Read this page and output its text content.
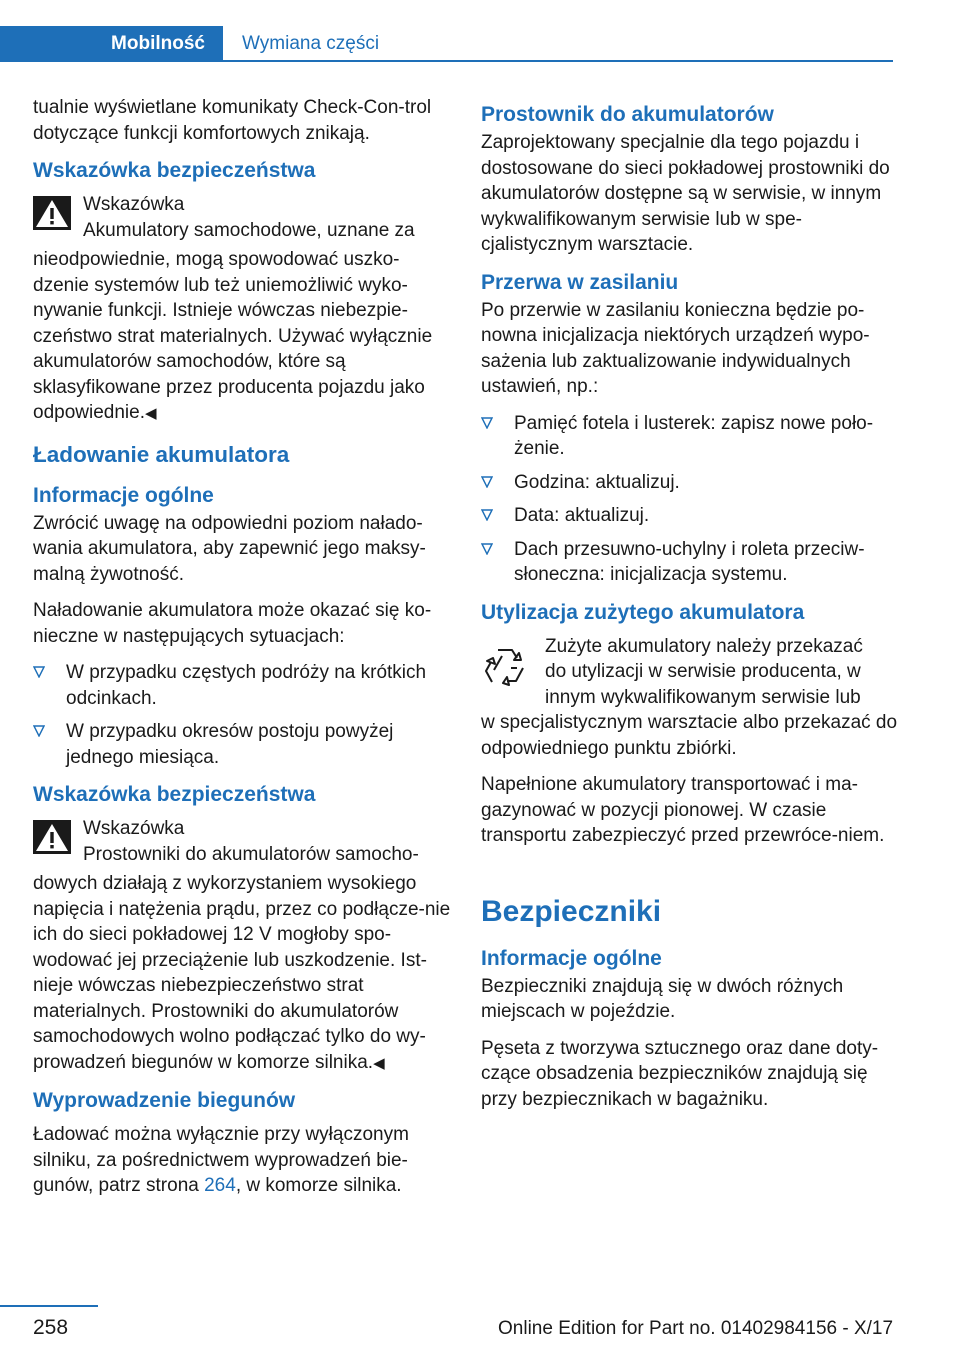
Mobilność Wymiana części

tualnie wyświetlane komunikaty Check-Con-trol dotyczące funkcji komfortowych znikają.

Wskazówka bezpieczeństwa

Wskazówka

Akumulatory samochodowe, uznane za

nieodpowiednie, mogą spowodować uszko-dzenie systemów lub też uniemożliwić wyko-nywanie funkcji. Istnieje wówczas niebezpie-czeństwo strat materialnych. Używać wyłącznie akumulatorów samochodów, które są sklasyfikowane przez producenta pojazdu jako odpowiednie.◀

Ładowanie akumulatora
Informacje ogólne

Zwrócić uwagę na odpowiedni poziom nałado-wania akumulatora, aby zapewnić jego maksy-malną żywotność.

Naładowanie akumulatora może okazać się ko-nieczne w następujących sytuacjach:

W przypadku częstych podróży na krótkich odcinkach.
W przypadku okresów postoju powyżej jednego miesiąca.
Wskazówka bezpieczeństwa

Wskazówka

Prostowniki do akumulatorów samocho-

dowych działają z wykorzystaniem wysokiego napięcia i natężenia prądu, przez co podłącze-nie ich do sieci pokładowej 12 V mogłoby spo-wodować jej przeciążenie lub uszkodzenie. Ist-nieje wówczas niebezpieczeństwo strat materialnych. Prostowniki do akumulatorów samochodowych wolno podłączać tylko do wy-prowadzeń biegunów w komorze silnika.◀

Wyprowadzenie biegunów

Ładować można wyłącznie przy wyłączonym silniku, za pośrednictwem wyprowadzeń bie-gunów, patrz strona 264, w komorze silnika.

Prostownik do akumulatorów

Zaprojektowany specjalnie dla tego pojazdu i dostosowane do sieci pokładowej prostowniki do akumulatorów dostępne są w serwisie, w innym wykwalifikowanym serwisie lub w spe-cjalistycznym warsztacie.

Przerwa w zasilaniu

Po przerwie w zasilaniu konieczna będzie po-nowna inicjalizacja niektórych urządzeń wypo-sażenia lub zaktualizowanie indywidualnych ustawień, np.:

Pamięć fotela i lusterek: zapisz nowe poło-żenie.
Godzina: aktualizuj.
Data: aktualizuj.
Dach przesuwno-uchylny i roleta przeciw-słoneczna: inicjalizacja systemu.
Utylizacja zużytego akumulatora

Zużyte akumulatory należy przekazać

do utylizacji w serwisie producenta, w

innym wykwalifikowanym serwisie lub

w specjalistycznym warsztacie albo przekazać do odpowiedniego punktu zbiórki.

Napełnione akumulatory transportować i ma-gazynować w pozycji pionowej. W czasie transportu zabezpieczyć przed przewróce-niem.

Bezpieczniki
Informacje ogólne

Bezpieczniki znajdują się w dwóch różnych miejscach w pojeździe.

Pęseta z tworzywa sztucznego oraz dane doty-czące obsadzenia bezpieczników znajdują się przy bezpiecznikach w bagażniku.

258	Online Edition for Part no. 01402984156 - X/17
